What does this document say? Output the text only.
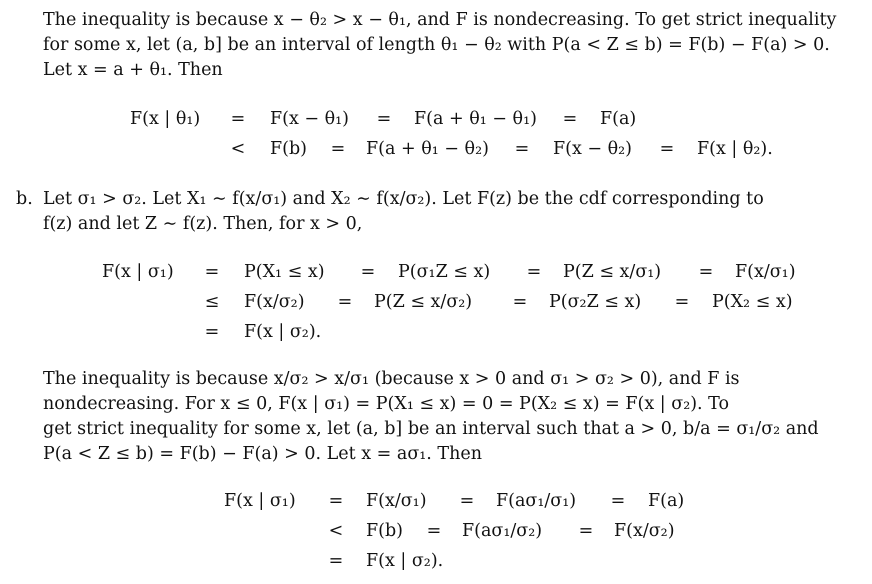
The inequality is because x − θ₂ > x − θ₁, and F is nondecreasing. To get strict inequality

for some x, let (a, b] be an interval of length θ₁ − θ₂ with P(a < Z ≤ b) = F(b) − F(a) > 0.

Let x = a + θ₁. Then

F(x | θ₁) = F(x − θ₁) = F(a + θ₁ − θ₁) = F(a)
< F(b) = F(a + θ₁ − θ₂) = F(x − θ₂) = F(x | θ₂).
b. Let σ₁ > σ₂. Let X₁ ∼ f(x/σ₁) and X₂ ∼ f(x/σ₂). Let F(z) be the cdf corresponding to

f(z) and let Z ∼ f(z). Then, for x > 0,

F(x | σ₁) = P(X₁ ≤ x) = P(σ₁Z ≤ x) = P(Z ≤ x/σ₁) = F(x/σ₁)
≤ F(x/σ₂) = P(Z ≤ x/σ₂) = P(σ₂Z ≤ x) = P(X₂ ≤ x)
= F(x | σ₂).

The inequality is because x/σ₂ > x/σ₁ (because x > 0 and σ₁ > σ₂ > 0), and F is

nondecreasing. For x ≤ 0, F(x | σ₁) = P(X₁ ≤ x) = 0 = P(X₂ ≤ x) = F(x | σ₂). To

get strict inequality for some x, let (a, b] be an interval such that a > 0, b/a = σ₁/σ₂ and

P(a < Z ≤ b) = F(b) − F(a) > 0. Let x = aσ₁. Then

F(x | σ₁) = F(x/σ₁) = F(aσ₁/σ₁) = F(a)
< F(b) = F(aσ₁/σ₂) = F(x/σ₂)
= F(x | σ₂).
